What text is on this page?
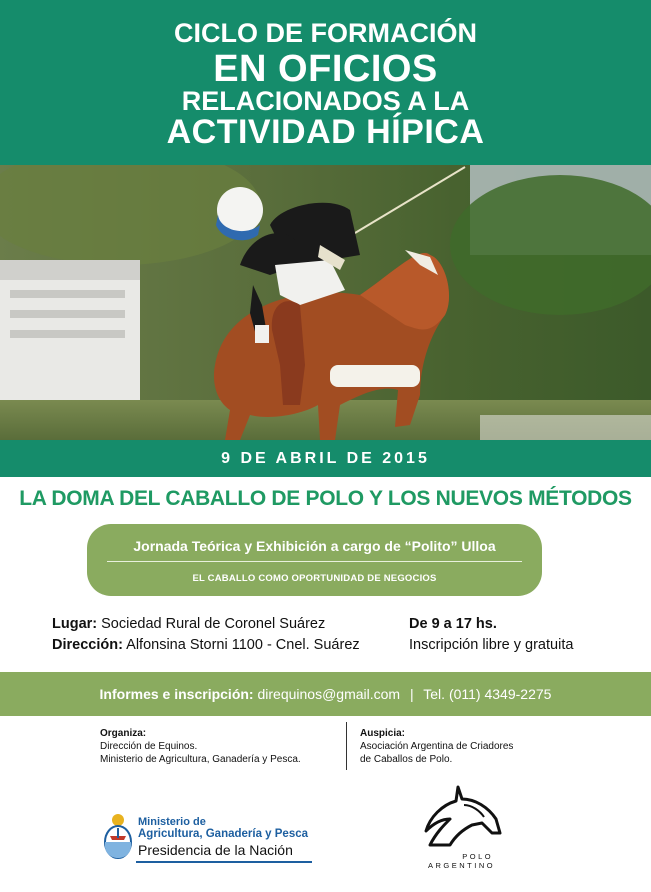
CICLO DE FORMACIÓN
EN OFICIOS
RELACIONADOS A LA
ACTIVIDAD HÍPICA
9 DE ABRIL DE 2015
LA DOMA DEL CABALLO DE POLO Y LOS NUEVOS MÉTODOS
Jornada Teórica y Exhibición a cargo de “Polito” Ulloa
EL CABALLO COMO OPORTUNIDAD DE NEGOCIOS
Lugar: Sociedad Rural de Coronel Suárez
Dirección: Alfonsina Storni 1100 - Cnel. Suárez
De 9 a 17 hs.
Inscripción libre y gratuita
Informes e inscripción: direquinos@gmail.com | Tel. (011) 4349-2275
Organiza:
Dirección de Equinos.
Ministerio de Agricultura, Ganadería y Pesca.
Auspicia:
Asociación Argentina de Criadores
de Caballos de Polo.
Ministerio de
Agricultura, Ganadería y Pesca
Presidencia de la Nación	POLO
ARGENTINO
